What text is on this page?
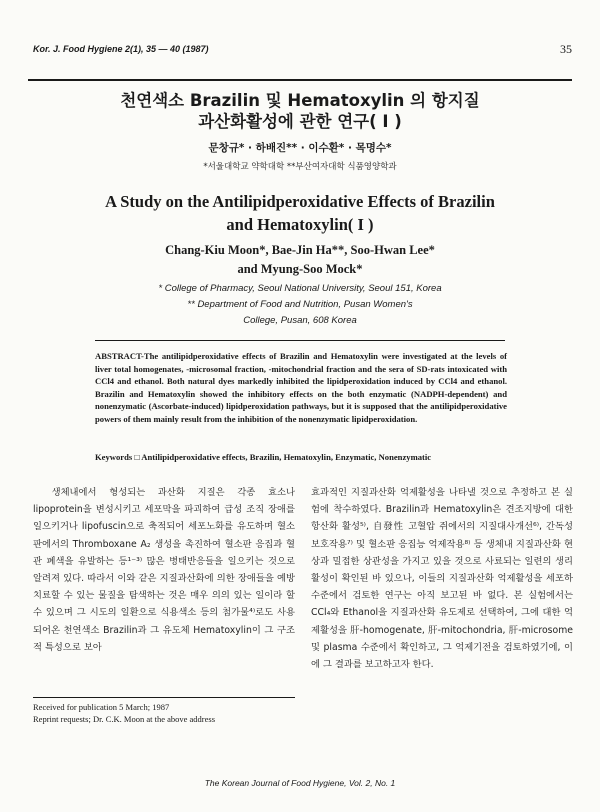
Kor. J. Food Hygiene 2(1), 35 — 40 (1987)	35
천연색소 Brazilin 및 Hematoxylin 의 항지질
과산화활성에 관한 연구( I )
문창규* · 하배진** · 이수환* · 목명수*
*서울대학교 약학대학 **부산여자대학 식품영양학과
A Study on the Antilipidperoxidative Effects of Brazilin
and Hematoxylin( I )
Chang-Kiu Moon*, Bae-Jin Ha**, Soo-Hwan Lee*
and Myung-Soo Mock*
* College of Pharmacy, Seoul National University, Seoul 151, Korea
** Department of Food and Nutrition, Pusan Women's
College, Pusan, 608 Korea
ABSTRACT-The antilipidperoxidative effects of Brazilin and Hematoxylin were investigated at the levels of liver total homogenates, -microsomal fraction, -mitochondrial fraction and the sera of SD-rats intoxicated with CCl4 and ethanol. Both natural dyes markedly inhibited the lipidperoxidation induced by CCl4 and ethanol. Brazilin and Hematoxylin showed the inhibitory effects on the both enzymatic (NADPH-dependent) and nonenzymatic (Ascorbate-induced) lipidperoxidation pathways, but it is supposed that the antilipidperoxidative powers of them mainly result from the inhibition of the nonenzymatic lipidperoxidation.
Keywords □ Antilipidperoxidative effects, Brazilin, Hematoxylin, Enzymatic, Nonenzymatic
생체내에서 형성되는 과산화 지질은 각종 효소나 lipoprotein을 변성시키고 세포막을 파괴하여 급성 조직 장애를 일으키거나 lipofuscin으로 축적되어 세포노화를 유도하며 혈소판에서의 Thromboxane A₂ 생성을 촉진하여 혈소판 응집과 혈관 폐색을 유발하는 등¹⁻³⁾ 많은 병태반응들을 일으키는 것으로 알려져 있다. 따라서 이와 같은 지질과산화에 의한 장애들을 예방 치료할 수 있는 물질을 탐색하는 것은 매우 의의 있는 일이라 할 수 있으며 그 시도의 일환으로 식용색소 등의 첨가물⁴⁾로도 사용되어온 천연색소 Brazilin과 그 유도체 Hematoxylin이 그 구조적 특성으로 보아
효과적인 지질과산화 억제활성을 나타낼 것으로 추정하고 본 실험에 착수하였다. Brazilin과 Hematoxylin은 견조지방에 대한 항산화 활성⁵⁾, 自發性 고혈압 쥐에서의 지질대사개선⁶⁾, 간독성 보호작용⁷⁾ 및 혈소판 응집능 억제작용⁸⁾ 등 생체내 지질과산화 현상과 밀접한 상관성을 가지고 있을 것으로 사료되는 일련의 생리활성이 확인된 바 있으나, 이들의 지질과산화 억제활성을 세포하 수준에서 검토한 연구는 아직 보고된 바 없다. 본 실험에서는 CCl₄와 Ethanol을 지질과산화 유도제로 선택하여, 그에 대한 억제활성을 肝-homogenate, 肝-mitochondria, 肝-microsome 및 plasma 수준에서 확인하고, 그 억제기전을 검토하였기에, 이에 그 결과를 보고하고자 한다.
Received for publication 5 March; 1987
Reprint requests; Dr. C.K. Moon at the above address
The Korean Journal of Food Hygiene, Vol. 2, No. 1
